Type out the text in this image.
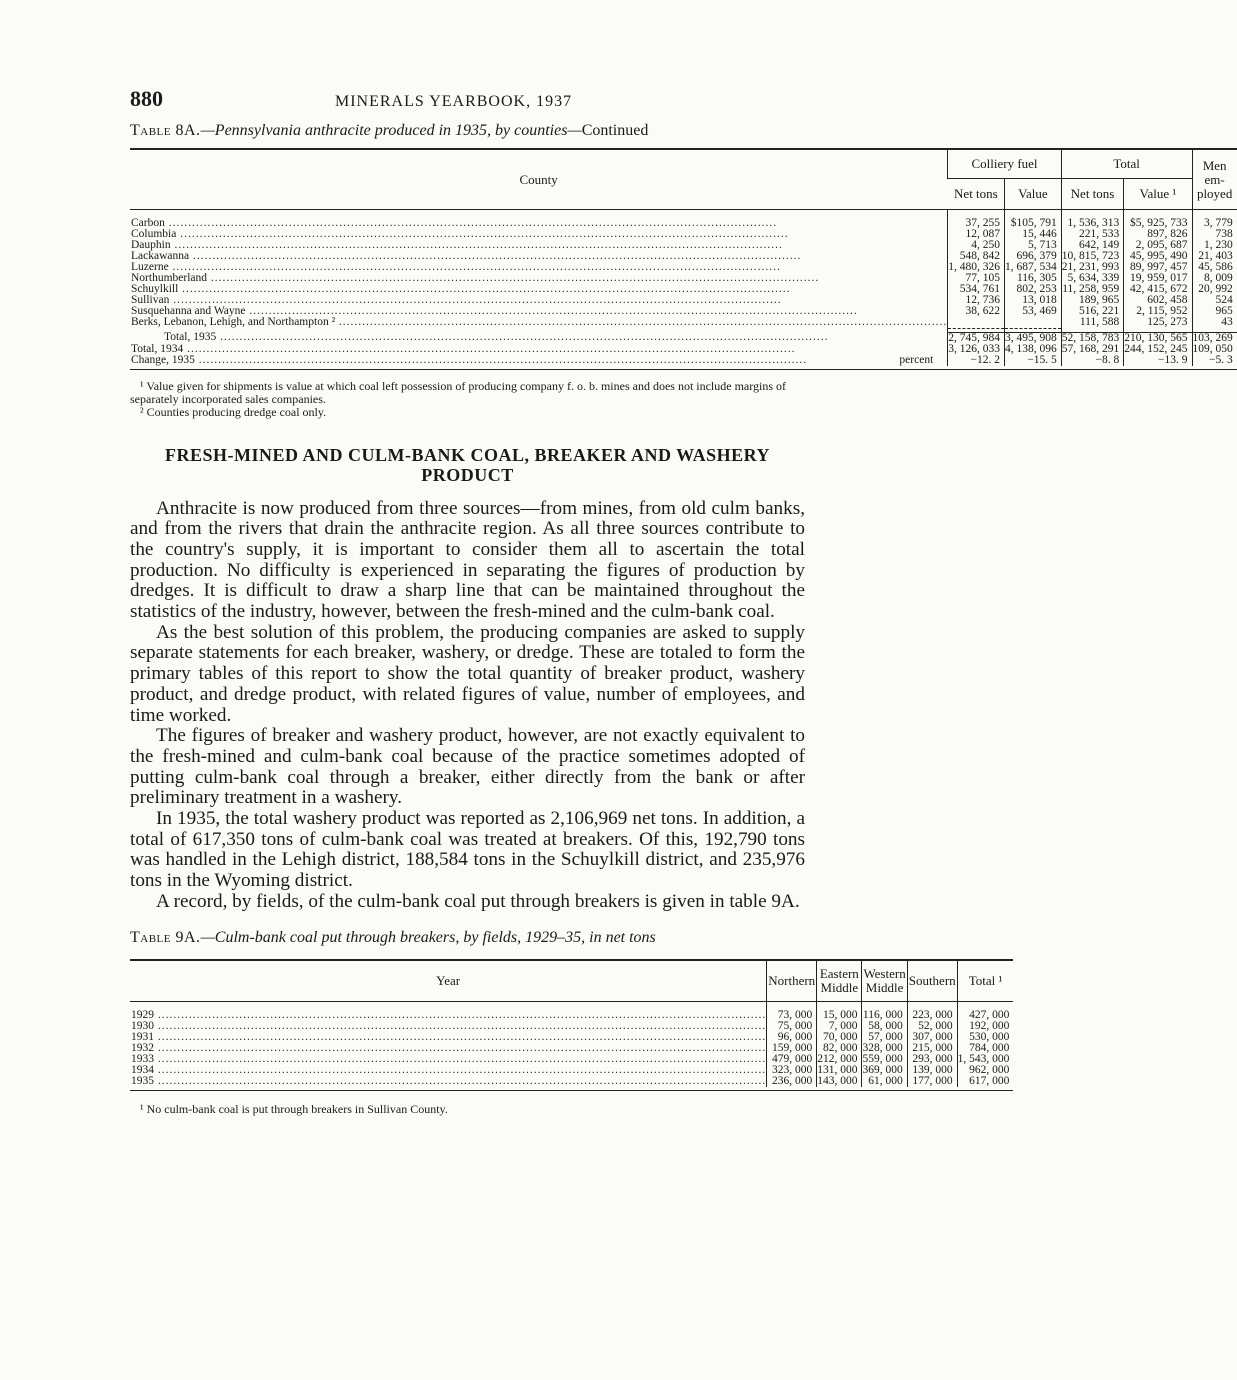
880	MINERALS YEARBOOK, 1937
Table 8A.—Pennsylvania anthracite produced in 1935, by counties—Continued
County	Colliery fuel		Total		Men em-ployed
	Net tons	Value	Net tons	Value ¹	

Carbon .....	37, 255	$105, 791	1, 536, 313	$5, 925, 733	3, 779
Columbia .....	12, 087	15, 446	221, 533	897, 826	738
Dauphin .....	4, 250	5, 713	642, 149	2, 095, 687	1, 230
Lackawanna .....	548, 842	696, 379	10, 815, 723	45, 995, 490	21, 403
Luzerne .....	1, 480, 326	1, 687, 534	21, 231, 993	89, 997, 457	45, 586
Northumberland .....	77, 105	116, 305	5, 634, 339	19, 959, 017	8, 009
Schuylkill .....	534, 761	802, 253	11, 258, 959	42, 415, 672	20, 992
Sullivan .....	12, 736	13, 018	189, 965	602, 458	524
Susquehanna and Wayne .....	38, 622	53, 469	516, 221	2, 115, 952	965
Berks, Lebanon, Lehigh, and Northampton ² .....			111, 588	125, 273	43

Total, 1935 .....	2, 745, 984	3, 495, 908	52, 158, 783	210, 130, 565	103, 269
Total, 1934 .....	3, 126, 033	4, 138, 096	57, 168, 291	244, 152, 245	109, 050

Change, 1935 .....	percent	−12. 2	−15. 5	−8. 8	−13. 9	−5. 3

¹ Value given for shipments is value at which coal left possession of producing company f. o. b. mines and does not include margins of separately incorporated sales companies.

² Counties producing dredge coal only.

FRESH-MINED AND CULM-BANK COAL, BREAKER AND WASHERY PRODUCT

Anthracite is now produced from three sources—from mines, from old culm banks, and from the rivers that drain the anthracite region. As all three sources contribute to the country's supply, it is important to consider them all to ascertain the total production. No difficulty is experienced in separating the figures of production by dredges. It is difficult to draw a sharp line that can be maintained throughout the statistics of the industry, however, between the fresh-mined and the culm-bank coal.

As the best solution of this problem, the producing companies are asked to supply separate statements for each breaker, washery, or dredge. These are totaled to form the primary tables of this report to show the total quantity of breaker product, washery product, and dredge product, with related figures of value, number of employees, and time worked.

The figures of breaker and washery product, however, are not exactly equivalent to the fresh-mined and culm-bank coal because of the practice sometimes adopted of putting culm-bank coal through a breaker, either directly from the bank or after preliminary treatment in a washery.

In 1935, the total washery product was reported as 2,106,969 net tons. In addition, a total of 617,350 tons of culm-bank coal was treated at breakers. Of this, 192,790 tons was handled in the Lehigh district, 188,584 tons in the Schuylkill district, and 235,976 tons in the Wyoming district.

A record, by fields, of the culm-bank coal put through breakers is given in table 9A.

Table 9A.—Culm-bank coal put through breakers, by fields, 1929–35, in net tons
Year	Northern	Eastern Middle	Western Middle	Southern	Total ¹

1929 .....	73, 000	15, 000	116, 000	223, 000	427, 000
1930 .....	75, 000	7, 000	58, 000	52, 000	192, 000
1931 .....	96, 000	70, 000	57, 000	307, 000	530, 000
1932 .....	159, 000	82, 000	328, 000	215, 000	784, 000
1933 .....	479, 000	212, 000	559, 000	293, 000	1, 543, 000
1934 .....	323, 000	131, 000	369, 000	139, 000	962, 000
1935 .....	236, 000	143, 000	61, 000	177, 000	617, 000

¹ No culm-bank coal is put through breakers in Sullivan County.
